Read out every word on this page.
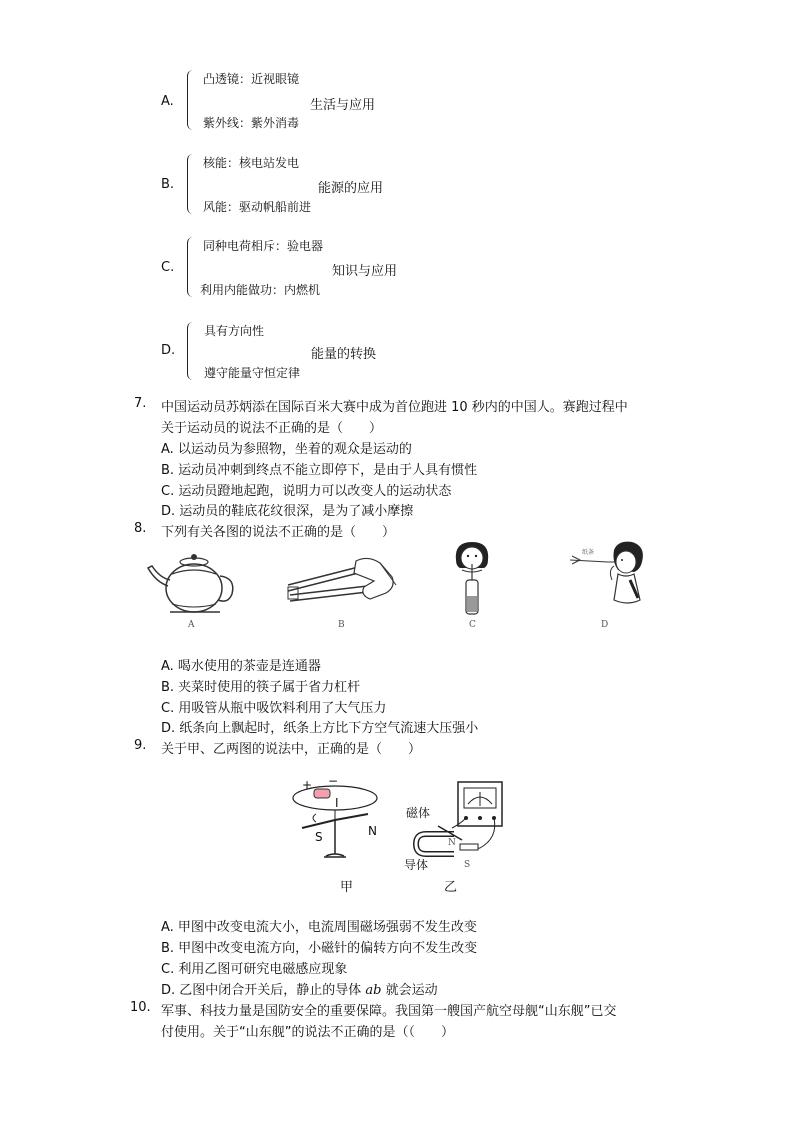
A.
凸透镜：近视眼镜
紫外线：紫外消毒
生活与应用
B.
核能：核电站发电
风能：驱动帆船前进
能源的应用
C.
同种电荷相斥：验电器
利用内能做功：内燃机
知识与应用
D.
具有方向性
遵守能量守恒定律
能量的转换
7. 中国运动员苏炳添在国际百米大赛中成为首位跑进 10 秒内的中国人。赛跑过程中
关于运动员的说法不正确的是（　　）
A. 以运动员为参照物，坐着的观众是运动的
B. 运动员冲刺到终点不能立即停下，是由于人具有惯性
C. 运动员蹬地起跑，说明力可以改变人的运动状态
D. 运动员的鞋底花纹很深，是为了减小摩擦
8. 下列有关各图的说法不正确的是（　　）
A	B	C
纸条
D
A. 喝水使用的茶壶是连通器
B. 夹菜时使用的筷子属于省力杠杆
C. 用吸管从瓶中吸饮料利用了大气压力
D. 纸条向上飘起时，纸条上方比下方空气流速大压强小
9. 关于甲、乙两图的说法中，正确的是（　　）
+ −
I
S	N
甲
磁体
导体
N
S
乙
A. 甲图中改变电流大小，电流周围磁场强弱不发生改变
B. 甲图中改变电流方向，小磁针的偏转方向不发生改变
C. 利用乙图可研究电磁感应现象
D. 乙图中闭合开关后，静止的导体 ab 就会运动
10. 军事、科技力量是国防安全的重要保障。我国第一艘国产航空母舰“山东舰”已交
付使用。关于“山东舰”的说法不正确的是（（　　）
